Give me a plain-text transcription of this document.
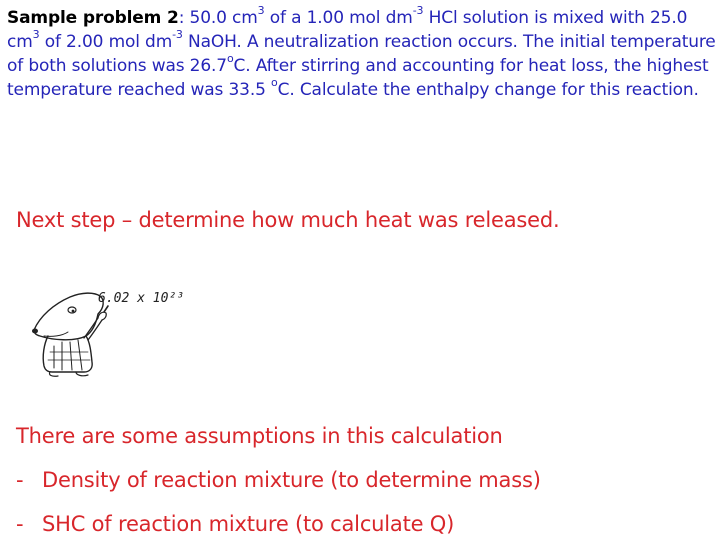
Sample problem 2: 50.0 $cm^3$ of a 1.00 mol $dm^{-3}$ HCl solution is mixed with 25.0 $cm^3$ of 2.00 mol $dm^{-3}$ NaOH. A neutralization reaction occurs. The initial temperature of both solutions was 26.7$^o$C. After stirring and accounting for heat loss, the highest temperature reached was 33.5 $^o$C. Calculate the enthalpy change for this reaction.

Next step – determine how much heat was released.

6.02 x 10²³

There are some assumptions in this calculation

- Density of reaction mixture (to determine mass)
- SHC of reaction mixture (to calculate Q)
